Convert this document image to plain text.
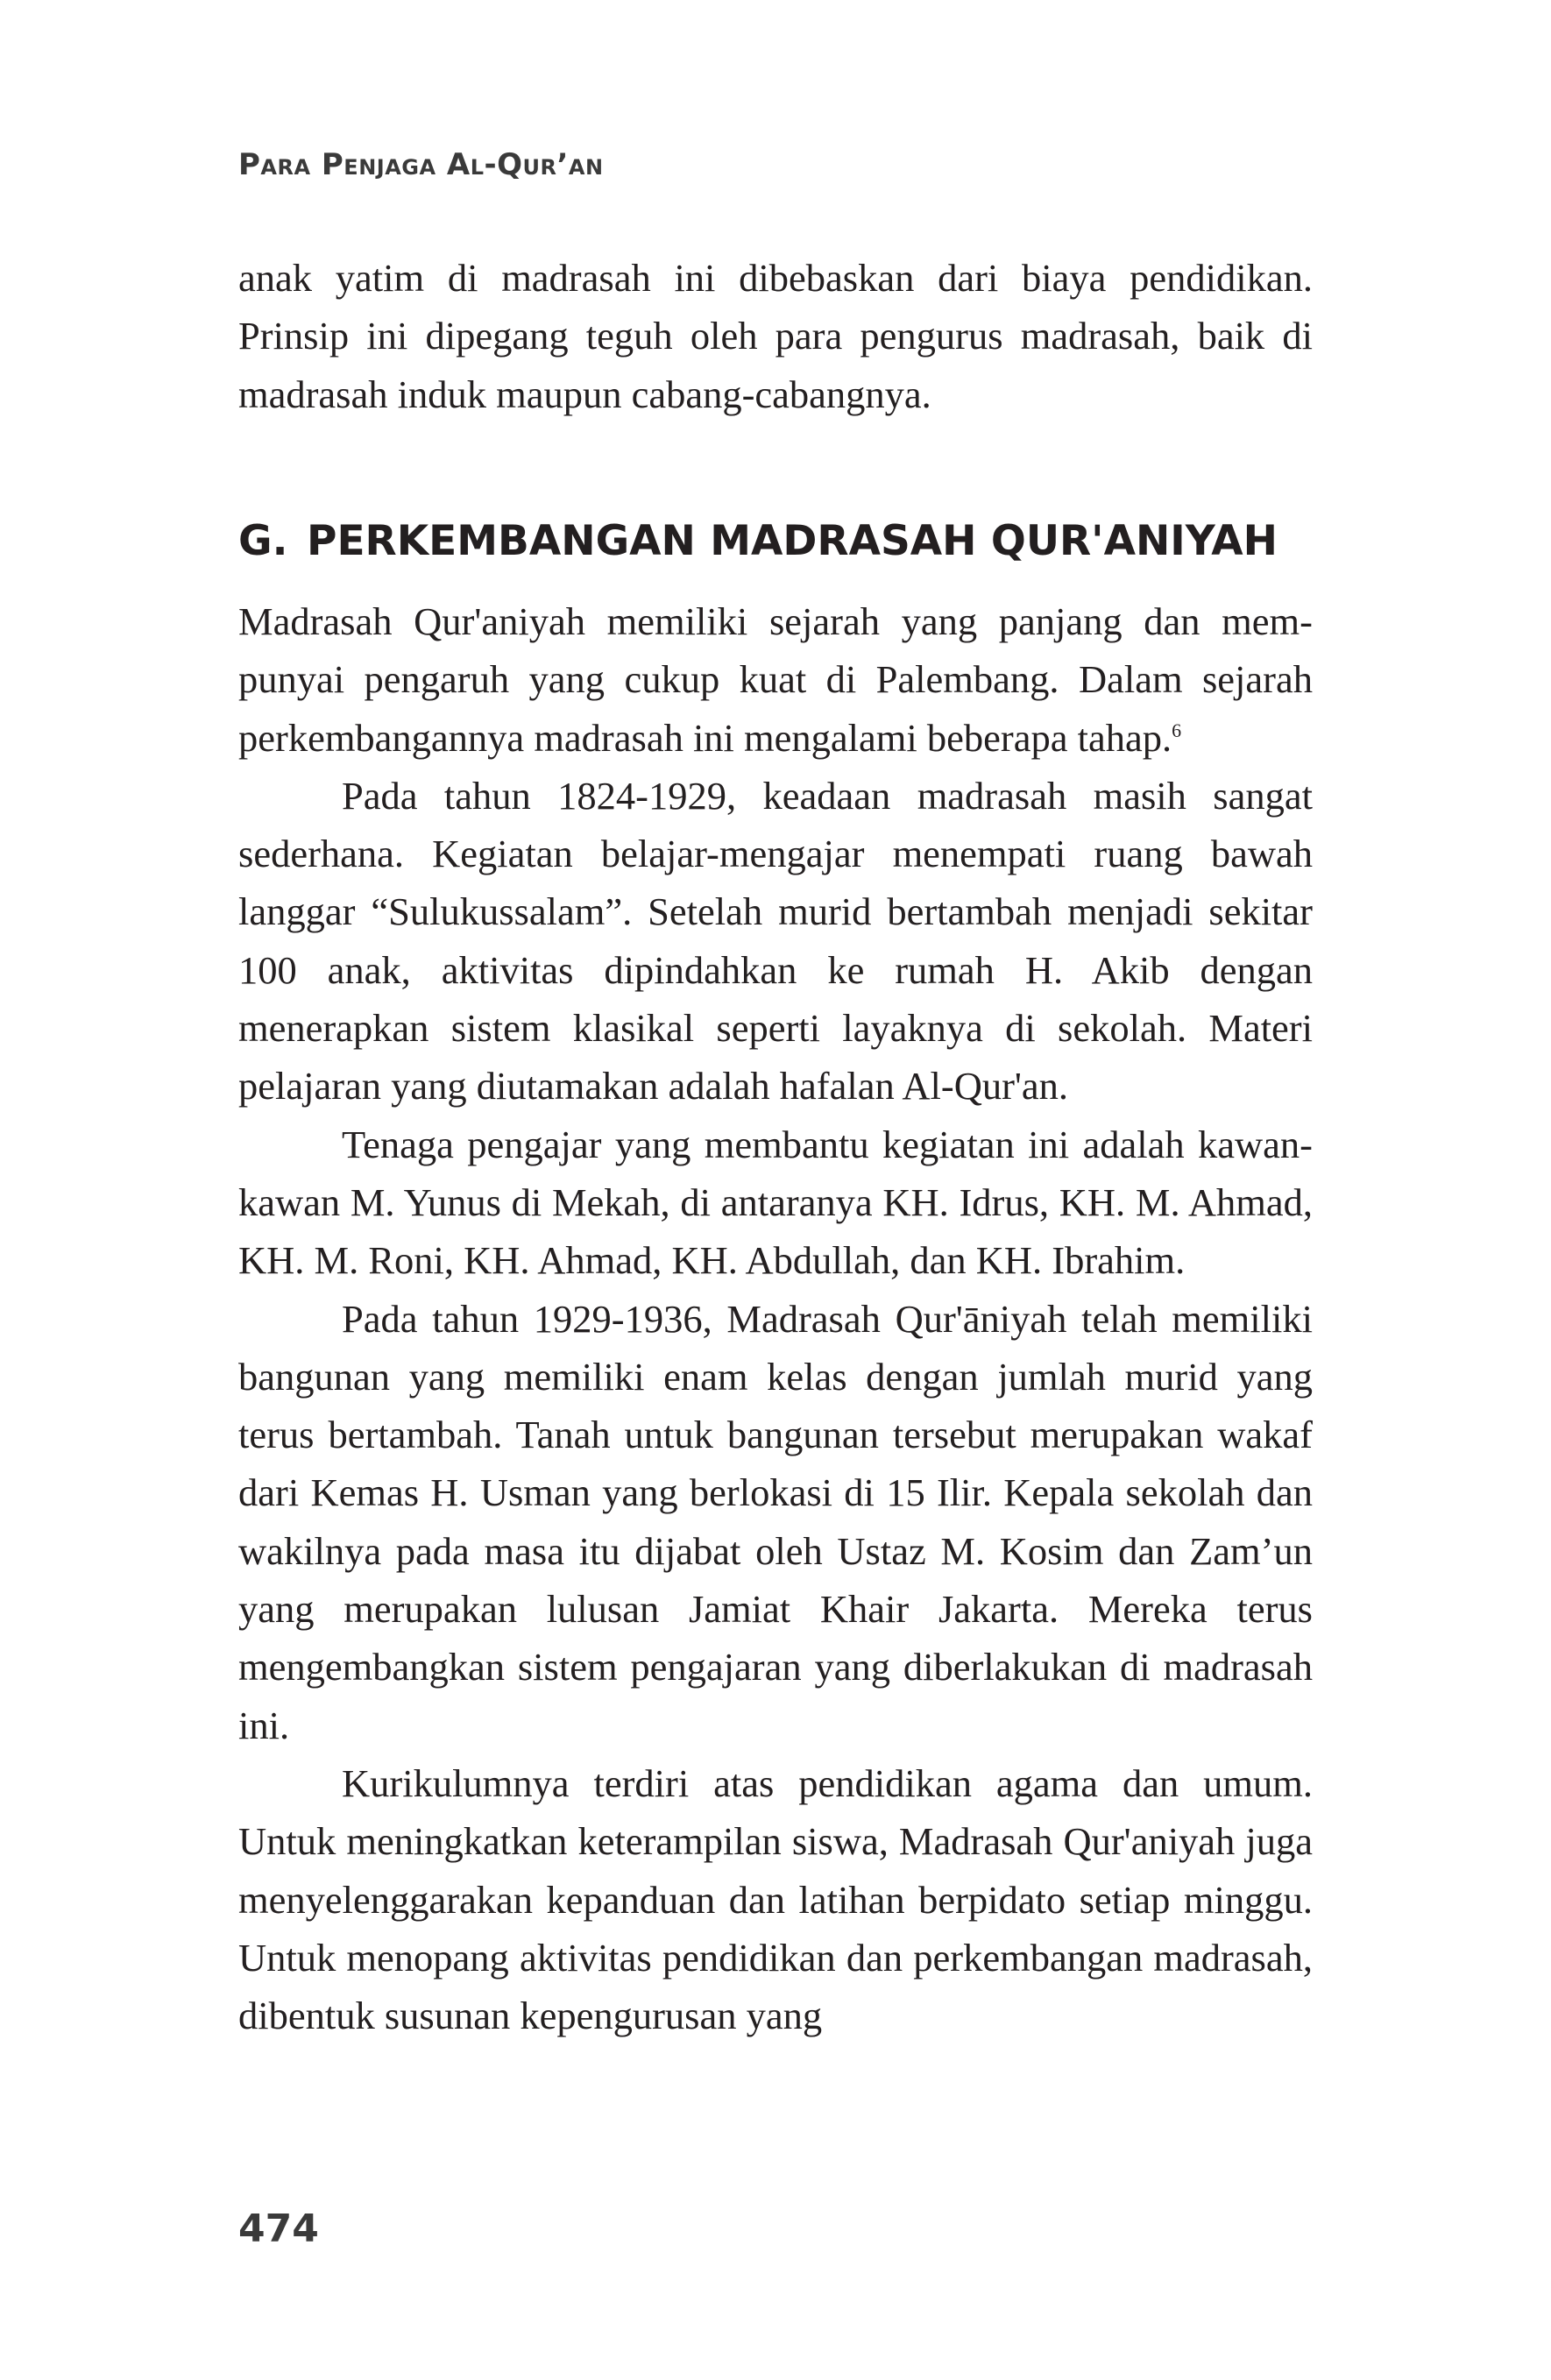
Para Penjaga Al-Qur’an

anak yatim di madrasah ini dibebaskan dari biaya pendidikan. Prinsip ini dipegang teguh oleh para pengurus madrasah, baik di madrasah induk maupun cabang-cabangnya.

G. PERKEMBANGAN MADRASAH QUR'ANIYAH

Madrasah Qur'aniyah memiliki sejarah yang panjang dan mempunyai pengaruh yang cukup kuat di Palembang. Dalam sejarah perkembangannya madrasah ini mengalami beberapa tahap.$^6$

Pada tahun 1824-1929, keadaan madrasah masih sangat sederhana. Kegiatan belajar-mengajar menempati ruang bawah langgar “Sulukussalam”. Setelah murid bertambah menjadi sekitar 100 anak, aktivitas dipindahkan ke rumah H. Akib dengan menerapkan sistem klasikal seperti layaknya di sekolah. Materi pelajaran yang diutamakan adalah hafalan Al-Qur'an.

Tenaga pengajar yang membantu kegiatan ini adalah kawan-kawan M. Yunus di Mekah, di antaranya KH. Idrus, KH. M. Ahmad, KH. M. Roni, KH. Ahmad, KH. Abdullah, dan KH. Ibrahim.

Pada tahun 1929-1936, Madrasah Qur'āniyah telah memiliki bangunan yang memiliki enam kelas dengan jumlah murid yang terus bertambah. Tanah untuk bangunan tersebut merupakan wakaf dari Kemas H. Usman yang berlokasi di 15 Ilir. Kepala sekolah dan wakilnya pada masa itu dijabat oleh Ustaz M. Kosim dan Zam’un yang merupakan lulusan Jamiat Khair Jakarta. Mereka terus mengembangkan sistem pengajaran yang diberlakukan di madrasah ini.

Kurikulumnya terdiri atas pendidikan agama dan umum. Untuk meningkatkan keterampilan siswa, Madrasah Qur'aniyah juga menyelenggarakan kepanduan dan latihan berpidato setiap minggu. Untuk menopang aktivitas pendidikan dan perkembangan madrasah, dibentuk susunan kepengurusan yang

474
